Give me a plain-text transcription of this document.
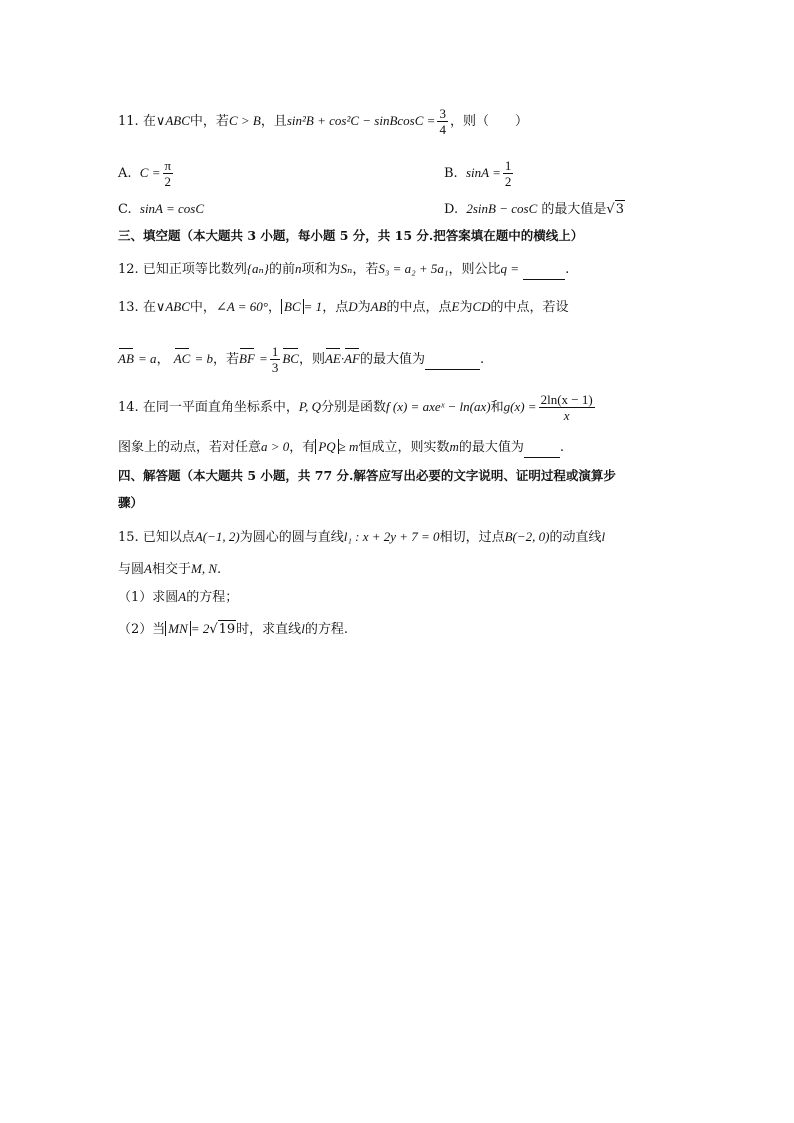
11. 在∨ABC中，若C > B，且sin²B + cos²C − sinBcosC = $\frac{3}{4}$ ，则（　　）
A. $C = \frac{\pi}{2}$	B. $\sin A = \frac{1}{2}$
C. sinA = cosC	D. 2sinB − cosC 的最大值是√3
三、填空题（本大题共 3 小题，每小题 5 分，共 15 分.把答案填在题中的横线上）
12. 已知正项等比数列{aₙ}的前n项和为Sₙ，若S₃ = a₂ + 5a₁，则公比q =	.
13. 在∨ABC中，∠A = 60°， BC = 1，点D为AB的中点，点E为CD的中点，若设
AB = a， AC = b，若BF = $\frac{1}{3}$ BC，则AE·AF的最大值为	.
14. 在同一平面直角坐标系中，P, Q分别是函数f (x) = axeˣ − ln(ax)和$g(x) = \frac{2\ln(x - 1)}{x}$
图象上的动点，若对任意a > 0，有 PQ ≥ m恒成立，则实数m的最大值为	.
四、解答题（本大题共 5 小题，共 77 分.解答应写出必要的文字说明、证明过程或演算步
骤）
15. 已知以点A(−1, 2)为圆心的圆与直线l₁ : x + 2y + 7 = 0相切，过点B(−2, 0)的动直线l
与圆A相交于M, N.
（1）求圆A的方程；
（2）当 MN = 2√19时，求直线l的方程.
